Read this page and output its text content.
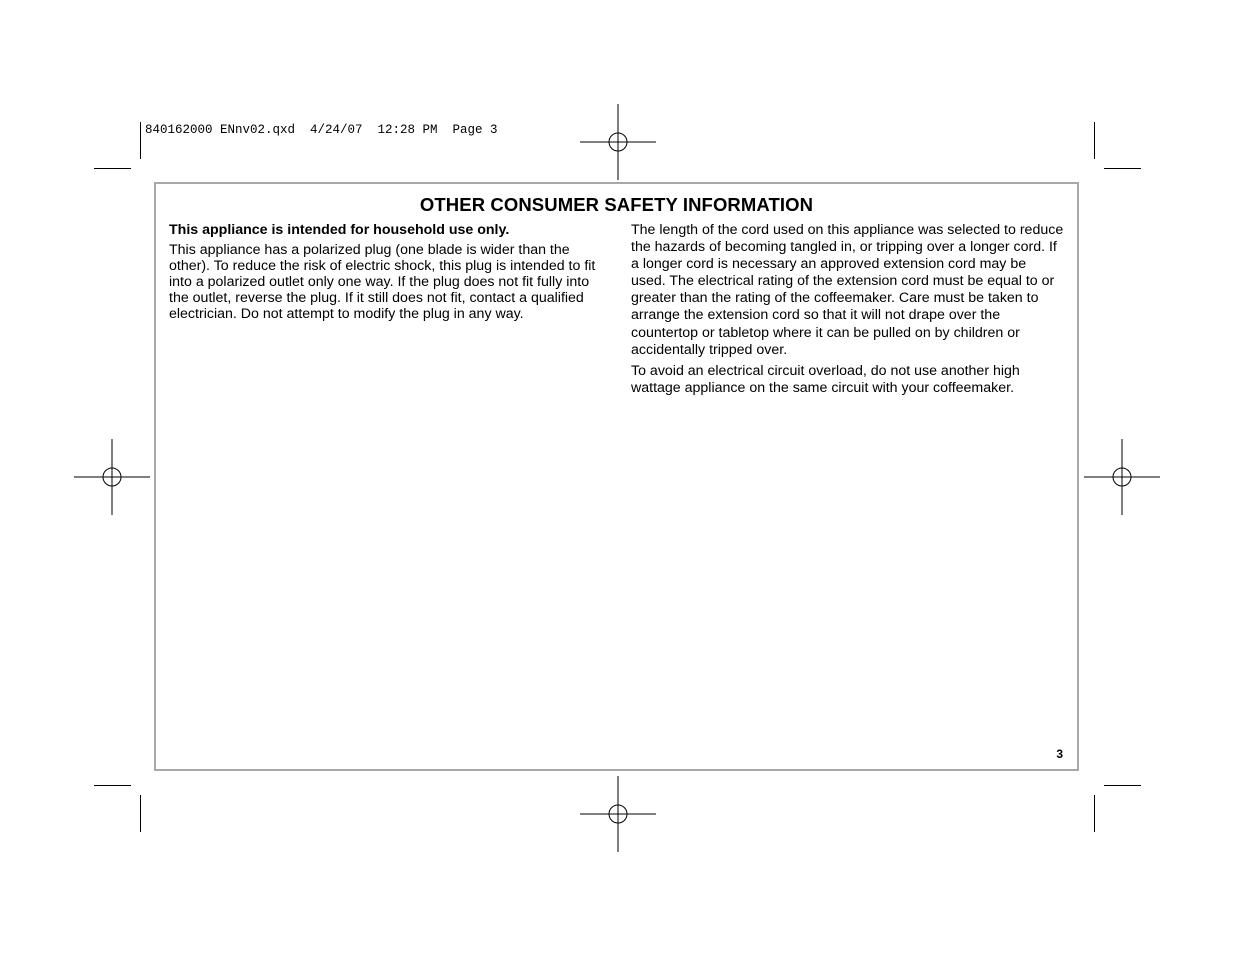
840162000 ENnv02.qxd  4/24/07  12:28 PM  Page 3
OTHER CONSUMER SAFETY INFORMATION

This appliance is intended for household use only.

This appliance has a polarized plug (one blade is wider than the other). To reduce the risk of electric shock, this plug is intended to fit into a polarized outlet only one way. If the plug does not fit fully into the outlet, reverse the plug. If it still does not fit, contact a qualified electrician. Do not attempt to modify the plug in any way.

The length of the cord used on this appliance was selected to reduce the hazards of becoming tangled in, or tripping over a longer cord. If a longer cord is necessary an approved extension cord may be used. The electrical rating of the extension cord must be equal to or greater than the rating of the coffeemaker. Care must be taken to arrange the extension cord so that it will not drape over the countertop or tabletop where it can be pulled on by children or accidentally tripped over.

To avoid an electrical circuit overload, do not use another high wattage appliance on the same circuit with your coffeemaker.

3
